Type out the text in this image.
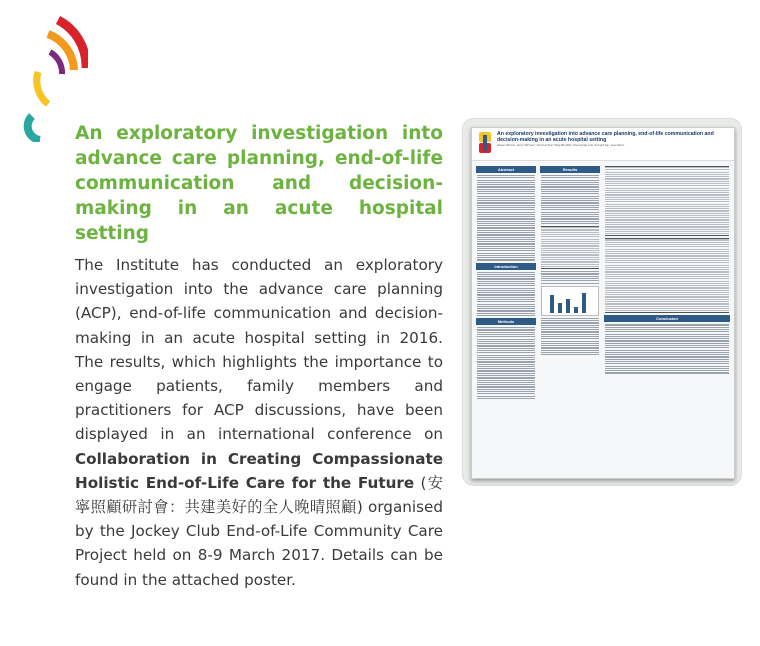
An exploratory investigation into advance care planning, end-of-life communication and decision-making in an acute hospital setting
The Institute has conducted an exploratory investigation into the advance care planning (ACP), end-of-life communication and decision-making in an acute hospital setting in 2016. The results, which highlights the importance to engage patients, family members and practitioners for ACP discussions, have been displayed in an international conference on Collaboration in Creating Compassionate Holistic End-of-Life Care for the Future (安寧照顧研討會：共建美好的全人晚晴照顧) organised by the Jockey Club End-of-Life Community Care Project held on 8-9 March 2017. Details can be found in the attached poster.
An exploratory investigation into advance care planning, end-of-life communication and decision-making in an acute hospital setting
Doreen WH Au¹, Jenny SW Lee²³, Chun Hoi Tse², Wing Mei Wai², Cheung Ngo Loh², Kenneth Ng⁴, Jean Woo¹²
Abstract
Introduction
Methods
Results
Conclusion
